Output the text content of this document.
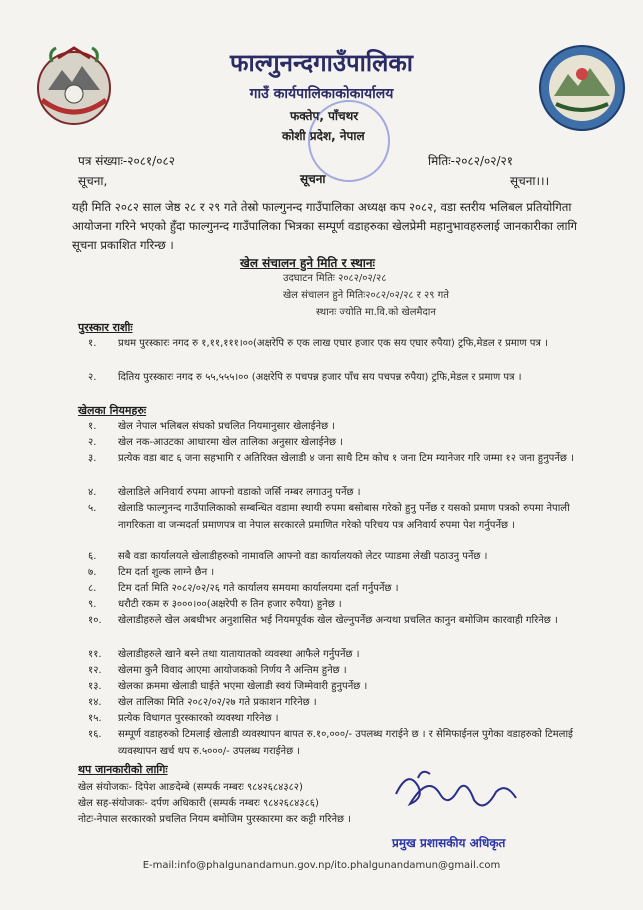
फाल्गुनन्दगाउँपालिका
गाउँ कार्यपालिकाकोकार्यालय
फक्तेप, पाँचथर
कोशी प्रदेश, नेपाल
पत्र संख्याः-२०८१/०८२	मितिः-२०८२/०२/२१
सूचना,	सूचना	सूचना।।।
यही मिति २०८२ साल जेष्ठ २८ र २९ गते तेस्रो फाल्गुनन्द गाउँपालिका अध्यक्ष कप २०८२, वडा स्तरीय भलिबल प्रतियोगिता आयोजना गरिने भएको हुँदा फाल्गुनन्द गाउँपालिका भित्रका सम्पूर्ण वडाहरुका खेलप्रेमी महानुभावहरुलाई जानकारीका लागि सूचना प्रकाशित गरिन्छ ।
खेल संचालन हुने मिति र स्थानः
उदघाटन मितिः २०८२/०२/२८
खेल संचालन हुने मितिः२०८२/०२/२८ र २९ गते
स्थानः ज्योति मा.वि.को खेलमैदान
पुरस्कार राशीः
१.	प्रथम पुरस्कारः नगद रु १,११,१११।००(अक्षरेपि रु एक लाख एघार हजार एक सय एघार रुपैया) ट्रफि,मेडल र प्रमाण पत्र ।
२.	दितिय पुरस्कारः नगद रु ५५,५५५।०० (अक्षरेपि रु पचपन्न हजार पाँच सय पचपन्न रुपैया) ट्रफि,मेडल र प्रमाण पत्र ।
खेलका नियमहरुः
१.	खेल नेपाल भलिबल संघको प्रचलित नियमानुसार खेलाईनेछ ।
२.	खेल नक-आउटका आधारमा खेल तालिका अनुसार खेलाईनेछ ।
३.	प्रत्येक वडा बाट ६ जना सहभागि र अतिरिक्त खेलाडी ४ जना साथै टिम कोच १ जना टिम म्यानेजर गरि जम्मा १२ जना हुनुपर्नेछ ।
४.	खेलाडिले अनिवार्य रुपमा आफ्नो वडाको जर्सि नम्बर लगाउनु पर्नेछ ।
५.	खेलाडि फाल्गुनन्द गाउँपालिकाको सम्बन्धित वडामा स्थायी रुपमा बसोबास गरेको हुनु पर्नेछ र यसको प्रमाण पत्रको रुपमा नेपाली नागरिकता वा जन्मदर्ता प्रमाणपत्र वा नेपाल सरकारले प्रमाणित गरेको परिचय पत्र अनिवार्य रुपमा पेश गर्नुपर्नेछ ।
६.	सबै वडा कार्यालयले खेलाडीहरुको नामावलि आफ्नो वडा कार्यालयको लेटर प्याडमा लेखी पठाउनु पर्नेछ ।
७.	टिम दर्ता शुल्क लाग्ने छैन ।
८.	टिम दर्ता मिति २०८२/०२/२६ गते कार्यालय समयमा कार्यालयमा दर्ता गर्नुपर्नेछ ।
९.	धरौटी रकम रु ३०००।००(अक्षरेपी रु तिन हजार रुपैया) हुनेछ ।
१०.	खेलाडीहरुले खेल अबधीभर अनुशासित भई नियमपूर्वक खेल खेल्नुपर्नेछ अन्यथा प्रचलित कानुन बमोजिम कारवाही गरिनेछ ।
११.	खेलाडीहरुले खाने बस्ने तथा यातायातको व्यवस्था आफैले गर्नुपर्नेछ ।
१२.	खेलमा कुनै विवाद आएमा आयोजकको निर्णय नै अन्तिम हुनेछ ।
१३.	खेलका क्रममा खेलाडी घाईते भएमा खेलाडी स्वयं जिम्मेवारी हुनुपर्नेछ ।
१४.	खेल तालिका मिति २०८२/०२/२७ गते प्रकाशन गरिनेछ ।
१५.	प्रत्येक विधागत पुरस्कारको व्यवस्था गरिनेछ ।
१६.	सम्पूर्ण वडाहरुको टिमलाई खेलाडी व्यवस्थापन बापत रु.१०,०००/- उपलब्ध गराईने छ । र सेमिफाईनल पुगेका वडाहरुको टिमलाई व्यवस्थापन खर्च थप रु.५०००/- उपलब्ध गराईनेछ ।
थप जानकारीको लागिः
खेल संयोजकः- दिपेश आङदेम्बे (सम्पर्क नम्बरः ९८४२६८४३८२)
खेल सह-संयोजकः- दर्पण अधिकारी (सम्पर्क नम्बरः ९८४२६८४३८६)
नोटः-नेपाल सरकारको प्रचलित नियम बमोजिम पुरस्कारमा कर कट्टी गरिनेछ ।
प्रमुख प्रशासकीय अधिकृत
E-mail:info@phalgunandamun.gov.np/ito.phalgunandamun@gmail.com
